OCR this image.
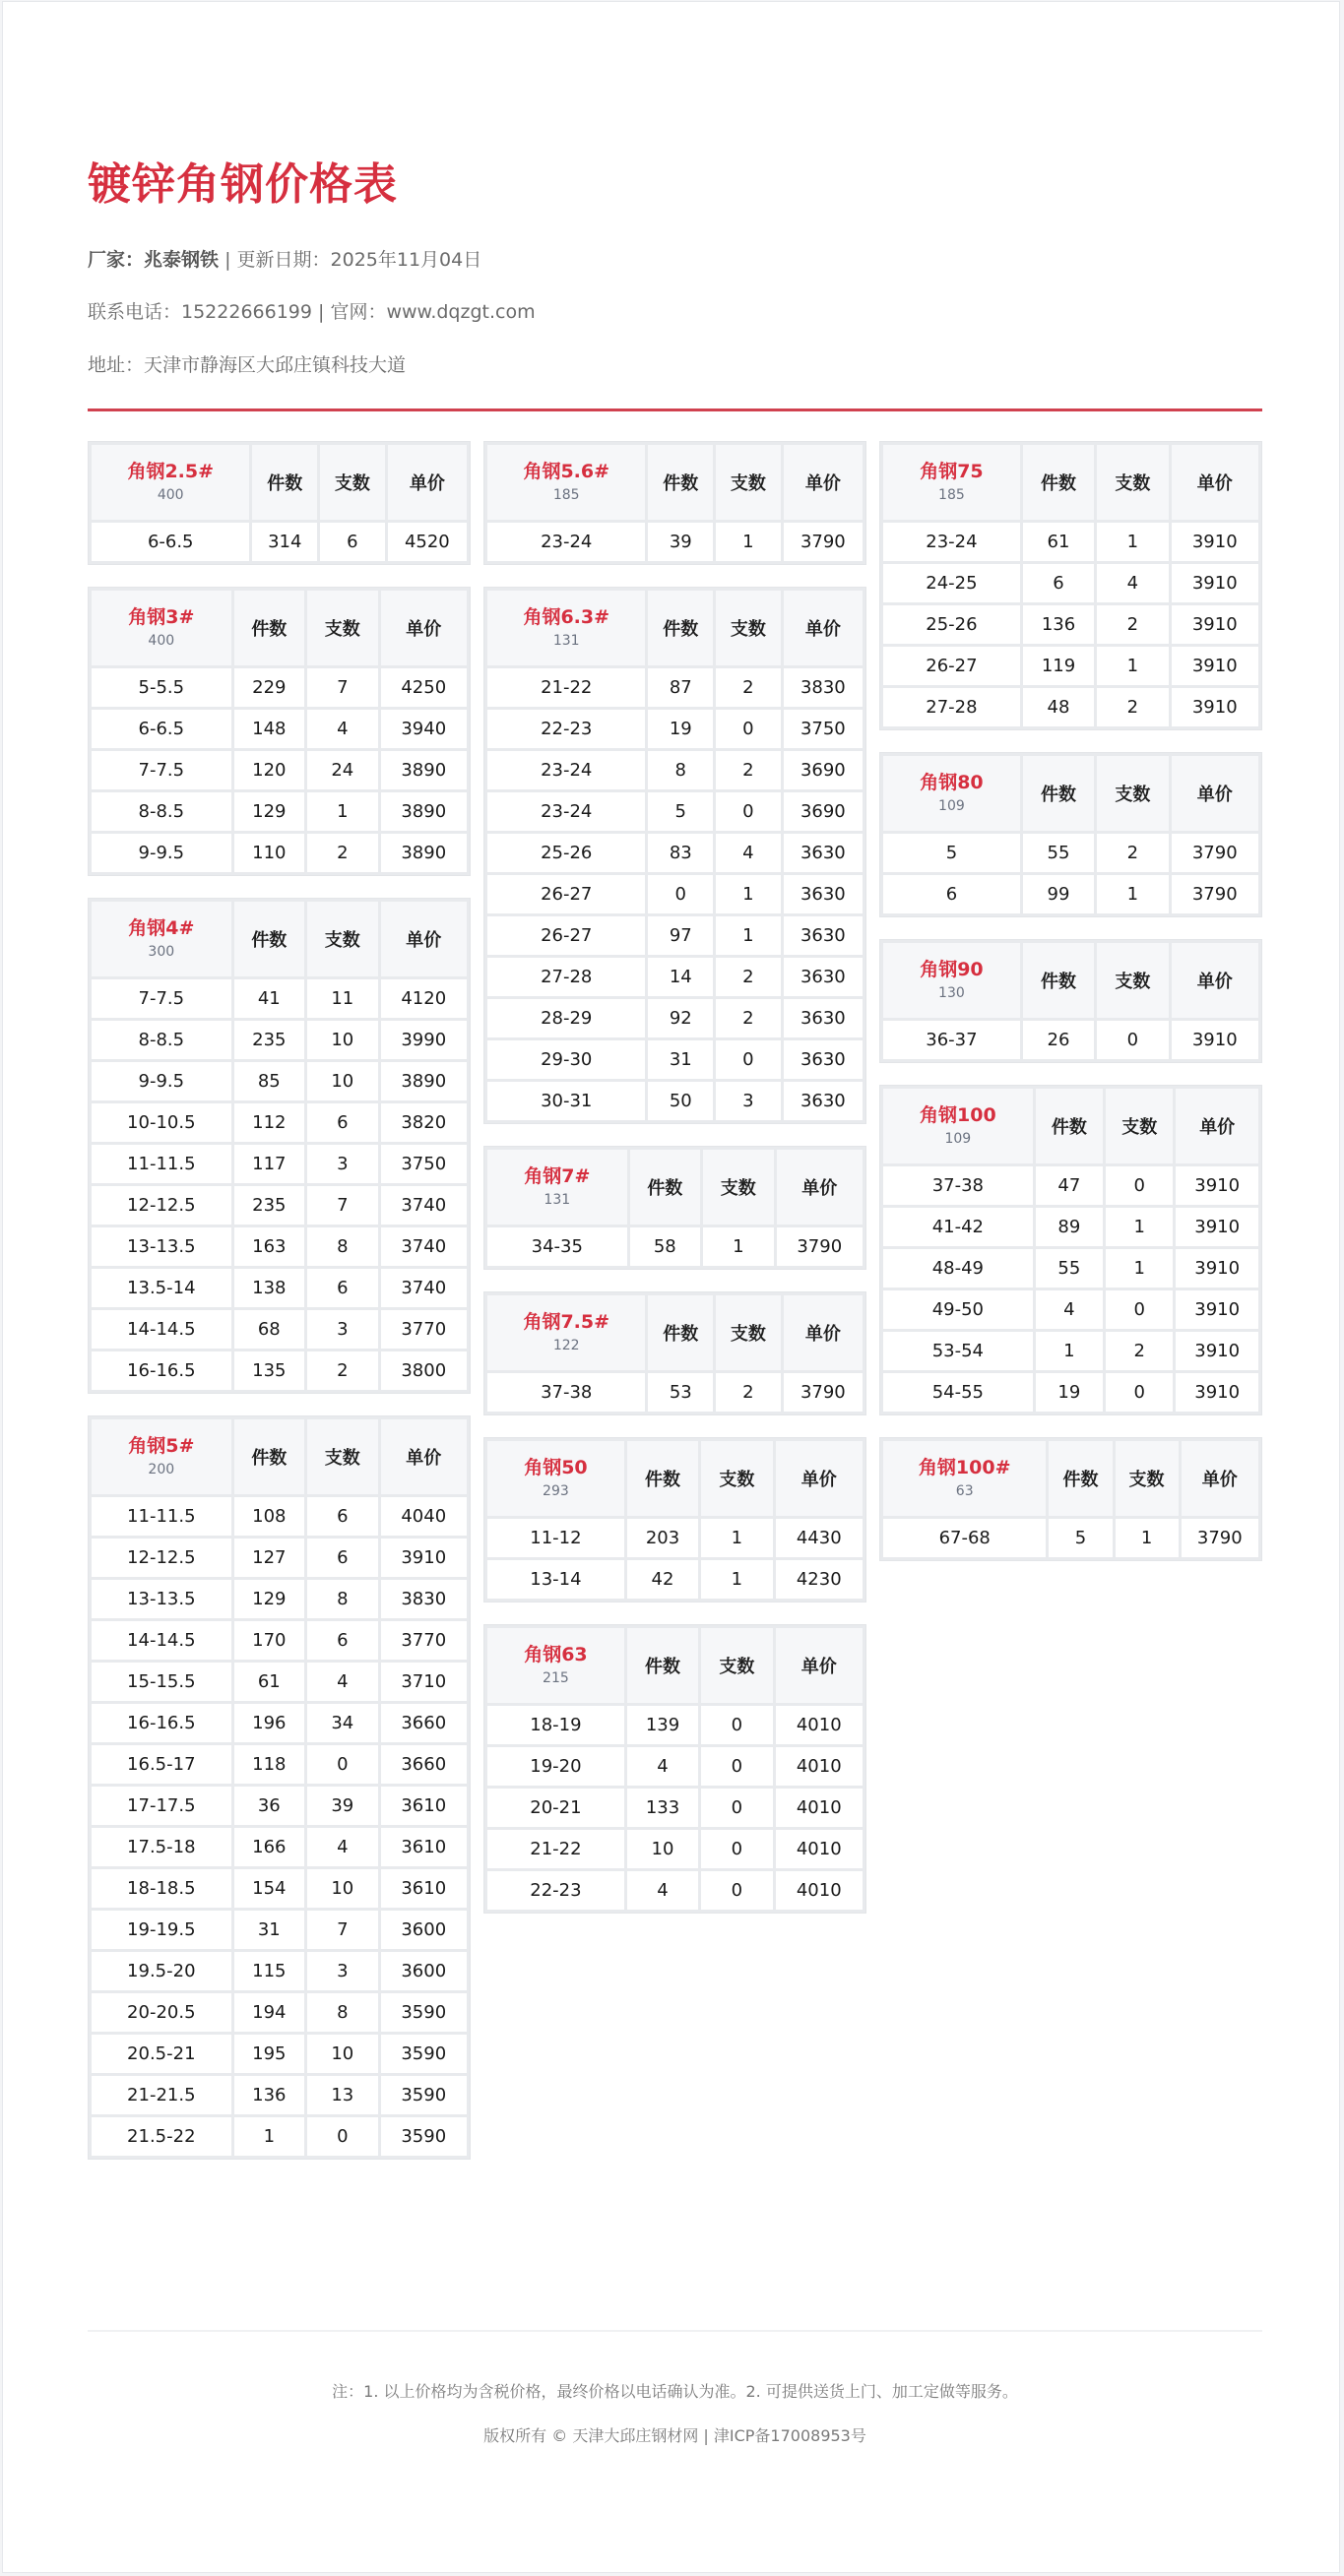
镀锌角钢价格表
厂家：兆泰钢铁 | 更新日期：2025年11月04日
联系电话：15222666199 | 官网：www.dqzgt.com
地址：天津市静海区大邱庄镇科技大道
角钢2.5#
400	件数	支数	单价
6-6.5	314	6	4520
角钢3#
400	件数	支数	单价
5-5.5	229	7	4250
6-6.5	148	4	3940
7-7.5	120	24	3890
8-8.5	129	1	3890
9-9.5	110	2	3890
角钢4#
300	件数	支数	单价
7-7.5	41	11	4120
8-8.5	235	10	3990
9-9.5	85	10	3890
10-10.5	112	6	3820
11-11.5	117	3	3750
12-12.5	235	7	3740
13-13.5	163	8	3740
13.5-14	138	6	3740
14-14.5	68	3	3770
16-16.5	135	2	3800
角钢5#
200	件数	支数	单价
11-11.5	108	6	4040
12-12.5	127	6	3910
13-13.5	129	8	3830
14-14.5	170	6	3770
15-15.5	61	4	3710
16-16.5	196	34	3660
16.5-17	118	0	3660
17-17.5	36	39	3610
17.5-18	166	4	3610
18-18.5	154	10	3610
19-19.5	31	7	3600
19.5-20	115	3	3600
20-20.5	194	8	3590
20.5-21	195	10	3590
21-21.5	136	13	3590
21.5-22	1	0	3590
角钢5.6#
185	件数	支数	单价
23-24	39	1	3790
角钢6.3#
131	件数	支数	单价
21-22	87	2	3830
22-23	19	0	3750
23-24	8	2	3690
23-24	5	0	3690
25-26	83	4	3630
26-27	0	1	3630
26-27	97	1	3630
27-28	14	2	3630
28-29	92	2	3630
29-30	31	0	3630
30-31	50	3	3630
角钢7#
131	件数	支数	单价
34-35	58	1	3790
角钢7.5#
122	件数	支数	单价
37-38	53	2	3790
角钢50
293	件数	支数	单价
11-12	203	1	4430
13-14	42	1	4230
角钢63
215	件数	支数	单价
18-19	139	0	4010
19-20	4	0	4010
20-21	133	0	4010
21-22	10	0	4010
22-23	4	0	4010
角钢75
185	件数	支数	单价
23-24	61	1	3910
24-25	6	4	3910
25-26	136	2	3910
26-27	119	1	3910
27-28	48	2	3910
角钢80
109	件数	支数	单价
5	55	2	3790
6	99	1	3790
角钢90
130	件数	支数	单价
36-37	26	0	3910
角钢100
109	件数	支数	单价
37-38	47	0	3910
41-42	89	1	3910
48-49	55	1	3910
49-50	4	0	3910
53-54	1	2	3910
54-55	19	0	3910
角钢100#
63	件数	支数	单价
67-68	5	1	3790
注：1. 以上价格均为含税价格，最终价格以电话确认为准。2. 可提供送货上门、加工定做等服务。
版权所有 © 天津大邱庄钢材网 | 津ICP备17008953号
